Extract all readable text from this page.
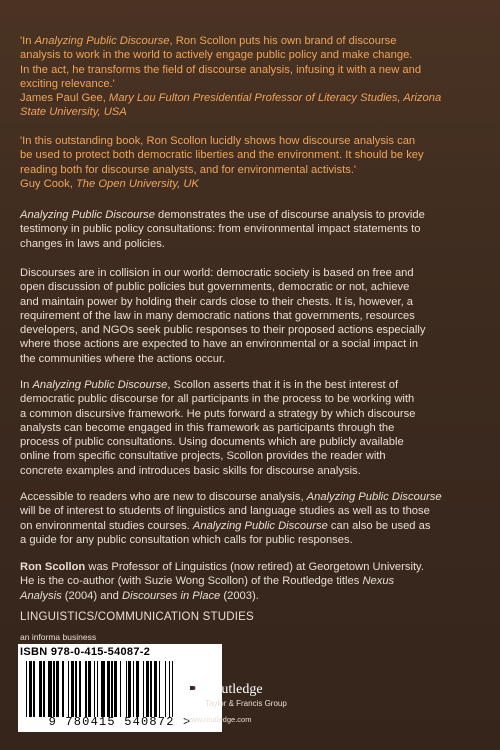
'In Analyzing Public Discourse, Ron Scollon puts his own brand of discourse

analysis to work in the world to actively engage public policy and make change.

In the act, he transforms the field of discourse analysis, infusing it with a new and

exciting relevance.'

James Paul Gee, Mary Lou Fulton Presidential Professor of Literacy Studies, Arizona

State University, USA

'In this outstanding book, Ron Scollon lucidly shows how discourse analysis can

be used to protect both democratic liberties and the environment. It should be key

reading both for discourse analysts, and for environmental activists.'

Guy Cook, The Open University, UK

Analyzing Public Discourse demonstrates the use of discourse analysis to provide

testimony in public policy consultations: from environmental impact statements to

changes in laws and policies.

Discourses are in collision in our world: democratic society is based on free and

open discussion of public policies but governments, democratic or not, achieve

and maintain power by holding their cards close to their chests. It is, however, a

requirement of the law in many democratic nations that governments, resources

developers, and NGOs seek public responses to their proposed actions especially

where those actions are expected to have an environmental or a social impact in

the communities where the actions occur.

In Analyzing Public Discourse, Scollon asserts that it is in the best interest of

democratic public discourse for all participants in the process to be working with

a common discursive framework. He puts forward a strategy by which discourse

analysts can become engaged in this framework as participants through the

process of public consultations. Using documents which are publicly available

online from specific consultative projects, Scollon provides the reader with

concrete examples and introduces basic skills for discourse analysis.

Accessible to readers who are new to discourse analysis, Analyzing Public Discourse

will be of interest to students of linguistics and language studies as well as to those

on environmental studies courses. Analyzing Public Discourse can also be used as

a guide for any public consultation which calls for public responses.

Ron Scollon was Professor of Linguistics (now retired) at Georgetown University.

He is the co-author (with Suzie Wong Scollon) of the Routledge titles Nexus

Analysis (2004) and Discourses in Place (2003).

LINGUISTICS/COMMUNICATION STUDIES
an informa business
ISBN 978-0-415-54087-2
9 780415 540872 >
Routledge
Taylor & Francis Group
www.routledge.com
